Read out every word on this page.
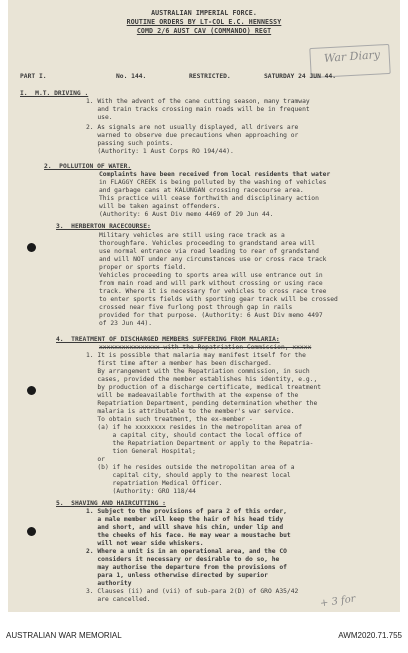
AUSTRALIAN IMPERIAL FORCE.
ROUTINE ORDERS BY LT-COL E.C. HENNESSY
COMD 2/6 AUST CAV (COMMANDO) REGT
War Diary
PART I.	No. 144.	RESTRICTED.	SATURDAY 24 JUN 44.
I.  M.T. DRIVING .
1. With the advent of the cane cutting season, many tramway
and train tracks crossing main roads will be in frequent
use.
2. As signals are not usually displayed, all drivers are
warned to observe due precautions when approaching or
passing such points.
(Authority: 1 Aust Corps RO 194/44).
2.  POLLUTION OF WATER.
Complaints have been received from local residents that water
in FLAGGY CREEK is being polluted by the washing of vehicles
and garbage cans at KALUNGAN crossing racecourse area.
This practice will cease forthwith and disciplinary action
will be taken against offenders.
(Authority: 6 Aust Div memo 4469 of 29 Jun 44.
3.  HERBERTON RACECOURSE:
Military vehicles are still using race track as a
thoroughfare. Vehicles proceeding to grandstand area will
use normal entrance via road leading to rear of grandstand
and will NOT under any circumstances use or cross race track
proper or sports field.
Vehicles proceeding to sports area will use entrance out in
from main road and will park without crossing or using race
track. Where it is necessary for vehicles to cross race tree
to enter sports fields with sporting gear track will be crossed
crossed near five furlong post through gap in rails
provided for that purpose. (Authority: 6 Aust Div memo 4497
of 23 Jun 44).
4.  TREATMENT OF DISCHARGED MEMBERS SUFFERING FROM MALARIA:
xxxxxxxxxxxxxxxx with the Repatriation Commission, xxxxx
1. It is possible that malaria may manifest itself for the
first time after a member has been discharged.
By arrangement with the Repatriation commission, in such
cases, provided the member establishes his identity, e.g.,
by production of a discharge certificate, medical treatment
will be madeavailable forthwith at the expense of the
Repatriation Department, pending determination whether the
malaria is attributable to the member's war service.
To obtain such treatment, the ex-member -
(a) if he xxxxxxxx resides in the metropolitan area of
a capital city, should contact the local office of
the Repatriation Department or apply to the Repatria-
tion General Hospital;
or
(b) if he resides outside the metropolitan area of a
capital city, should apply to the nearest local
repatriation Medical Officer.
(Authority: GRO 118/44
5.  SHAVING AND HAIRCUTTING :
1. Subject to the provisions of para 2 of this order,
a male member will keep the hair of his head tidy
and short, and will shave his chin, under lip and
the cheeks of his face. He may wear a moustache but
will not wear side whiskers.
2. Where a unit is in an operational area, and the CO
considers it necessary or desirable to do so, he
may authorise the departure from the provisions of
para 1, unless otherwise directed by superior
authority
3. Clauses (ii) and (vii) of sub-para 2(D) of GRO A35/42
are cancelled.	+ 3 for
AUSTRALIAN WAR MEMORIAL	AWM2020.71.755
